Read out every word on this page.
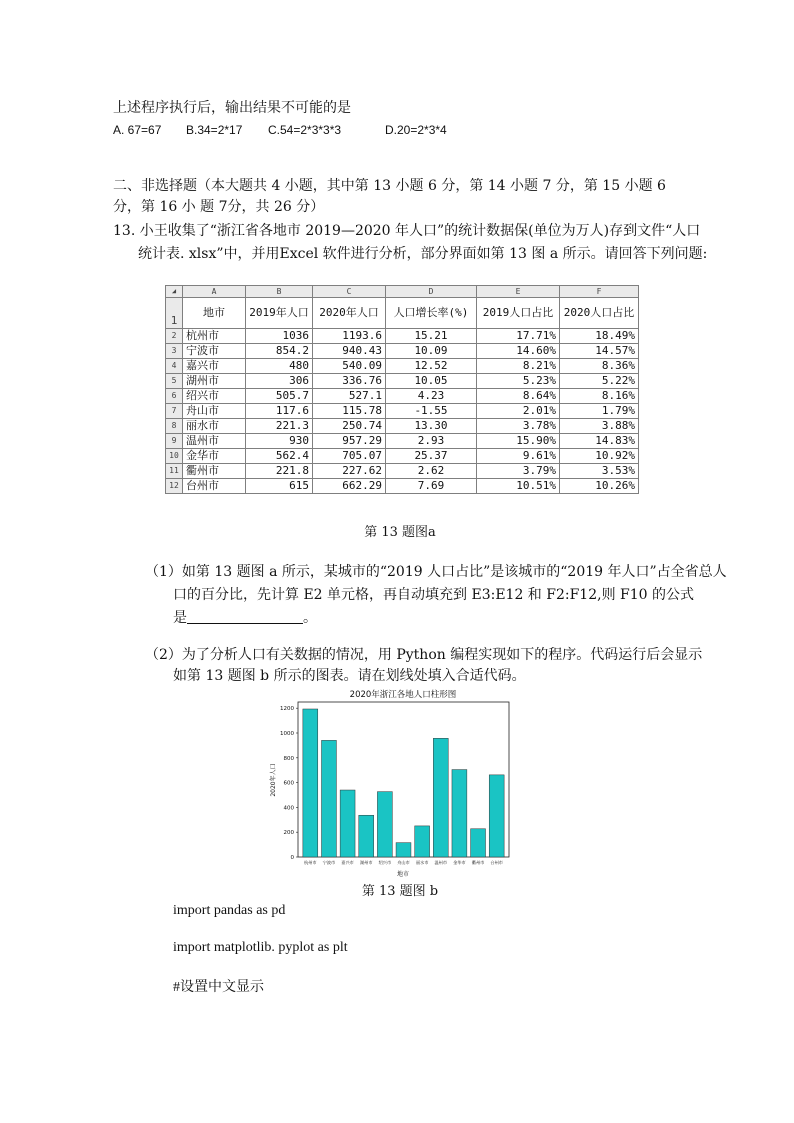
上述程序执行后，输出结果不可能的是
A. 67=67 B.34=2*17 C.54=2*3*3*3	D.20=2*3*4
二、非选择题（本大题共 4 小题，其中第 13 小题 6 分，第 14 小题 7 分，第 15 小题 6
分，第 16 小 题 7分，共 26 分）
13. 小王收集了“浙江省各地市 2019—2020 年人口”的统计数据保(单位为万人)存到文件“人口
统计表. xlsx”中，并用Excel 软件进行分析，部分界面如第 13 图 a 所示。请回答下列问题:
◢	A	B	C	D	E	F
1	地市	2019年人口	2020年人口	人口增长率(%)	2019人口占比	2020人口占比
2	杭州市	1036	1193.6	15.21	17.71%	18.49%
3	宁波市	854.2	940.43	10.09	14.60%	14.57%
4	嘉兴市	480	540.09	12.52	8.21%	8.36%
5	湖州市	306	336.76	10.05	5.23%	5.22%
6	绍兴市	505.7	527.1	4.23	8.64%	8.16%
7	舟山市	117.6	115.78	-1.55	2.01%	1.79%
8	丽水市	221.3	250.74	13.30	3.78%	3.88%
9	温州市	930	957.29	2.93	15.90%	14.83%
10	金华市	562.4	705.07	25.37	9.61%	10.92%
11	衢州市	221.8	227.62	2.62	3.79%	3.53%
12	台州市	615	662.29	7.69	10.51%	10.26%
第 13 题图a
（1）如第 13 题图 a 所示，某城市的“2019 人口占比”是该城市的“2019 年人口”占全省总人
口的百分比，先计算 E2 单元格，再自动填充到 E3:E12 和 F2:F12,则 F10 的公式
是	。
（2）为了分析人口有关数据的情况，用 Python 编程实现如下的程序。代码运行后会显示
如第 13 题图 b 所示的图表。请在划线处填入合适代码。
2020年浙江各地人口柱形图
2020年人口
地市
0
200
400
600
800
1000
1200
杭州市 宁波市 嘉兴市 湖州市 绍兴市 舟山市 丽水市 温州市 金华市 衢州市 台州市
第 13 题图 b
import pandas as pd
import matplotlib. pyplot as plt
#设置中文显示
